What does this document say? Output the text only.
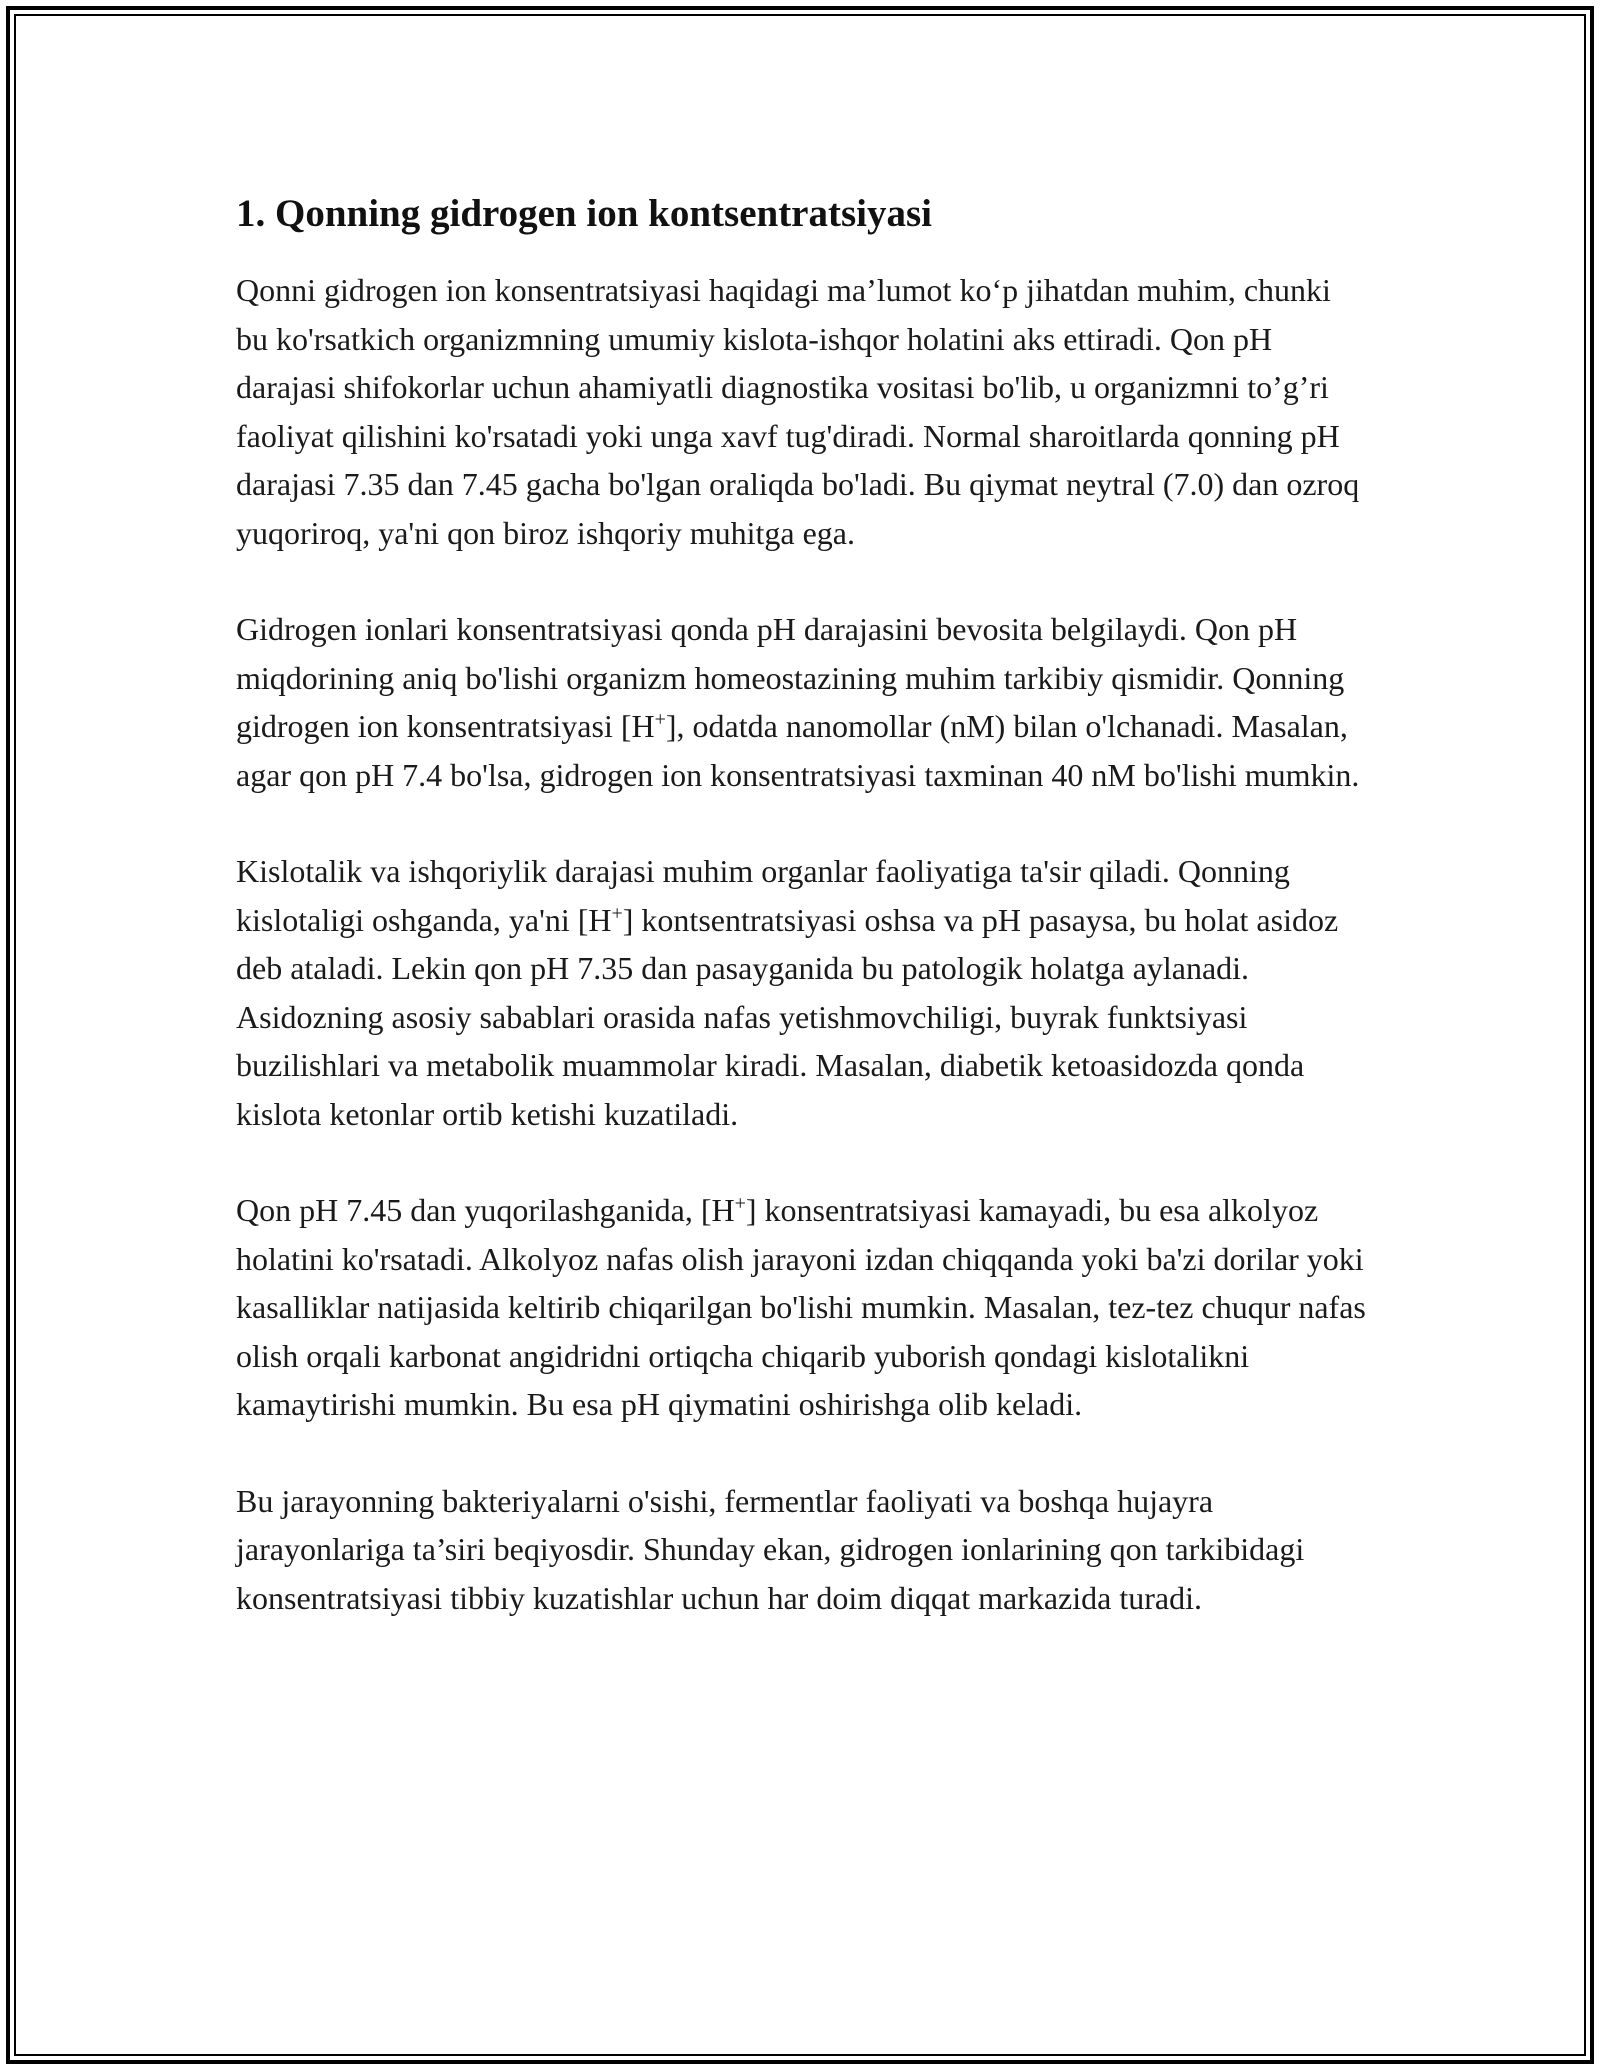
1. Qonning gidrogen ion kontsentratsiyasi

Qonni gidrogen ion konsentratsiyasi haqidagi ma’lumot ko‘p jihatdan muhim, chunki bu ko'rsatkich organizmning umumiy kislota-ishqor holatini aks ettiradi. Qon pH darajasi shifokorlar uchun ahamiyatli diagnostika vositasi bo'lib, u organizmni to’g’ri faoliyat qilishini ko'rsatadi yoki unga xavf tug'diradi. Normal sharoitlarda qonning pH darajasi 7.35 dan 7.45 gacha bo'lgan oraliqda bo'ladi. Bu qiymat neytral (7.0) dan ozroq yuqoriroq, ya'ni qon biroz ishqoriy muhitga ega.

Gidrogen ionlari konsentratsiyasi qonda pH darajasini bevosita belgilaydi. Qon pH miqdorining aniq bo'lishi organizm homeostazining muhim tarkibiy qismidir. Qonning gidrogen ion konsentratsiyasi [H+], odatda nanomollar (nM) bilan o'lchanadi. Masalan, agar qon pH 7.4 bo'lsa, gidrogen ion konsentratsiyasi taxminan 40 nM bo'lishi mumkin.

Kislotalik va ishqoriylik darajasi muhim organlar faoliyatiga ta'sir qiladi. Qonning kislotaligi oshganda, ya'ni [H+] kontsentratsiyasi oshsa va pH pasaysa, bu holat asidoz deb ataladi. Lekin qon pH 7.35 dan pasayganida bu patologik holatga aylanadi. Asidozning asosiy sabablari orasida nafas yetishmovchiligi, buyrak funktsiyasi buzilishlari va metabolik muammolar kiradi. Masalan, diabetik ketoasidozda qonda kislota ketonlar ortib ketishi kuzatiladi.

Qon pH 7.45 dan yuqorilashganida, [H+] konsentratsiyasi kamayadi, bu esa alkolyoz holatini ko'rsatadi. Alkolyoz nafas olish jarayoni izdan chiqqanda yoki ba'zi dorilar yoki kasalliklar natijasida keltirib chiqarilgan bo'lishi mumkin. Masalan, tez-tez chuqur nafas olish orqali karbonat angidridni ortiqcha chiqarib yuborish qondagi kislotalikni kamaytirishi mumkin. Bu esa pH qiymatini oshirishga olib keladi.

Bu jarayonning bakteriyalarni o'sishi, fermentlar faoliyati va boshqa hujayra jarayonlariga ta’siri beqiyosdir. Shunday ekan, gidrogen ionlarining qon tarkibidagi konsentratsiyasi tibbiy kuzatishlar uchun har doim diqqat markazida turadi.
